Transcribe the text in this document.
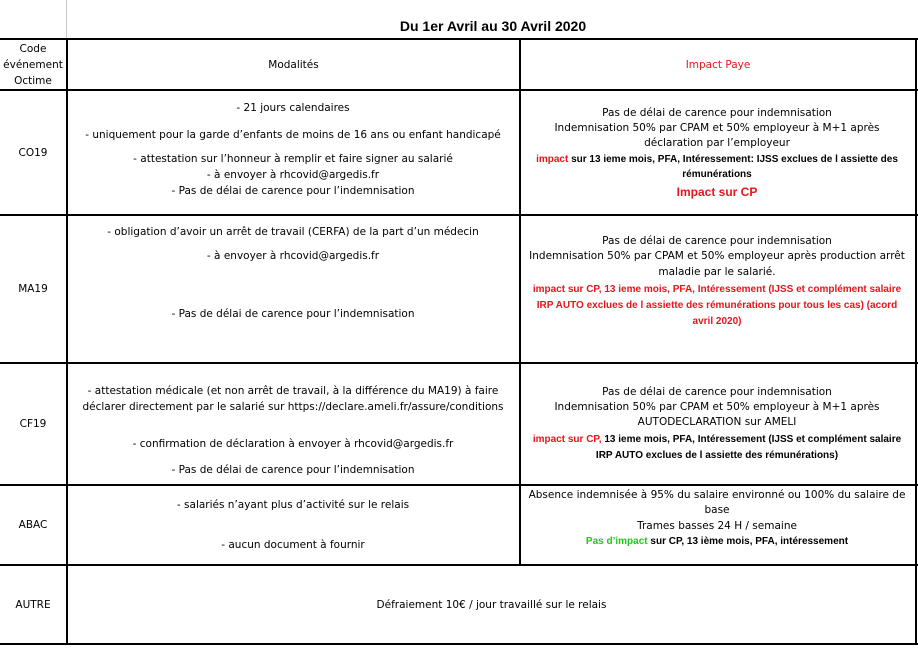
Du 1er Avril au 30 Avril 2020
Code
événement
Octime
Modalités	Impact Paye
CO19
- 21 jours calendaires
- uniquement pour la garde d’enfants de moins de 16 ans ou enfant handicapé
- attestation sur l’honneur à remplir et faire signer au salarié
- à envoyer à rhcovid@argedis.fr
- Pas de délai de carence pour l’indemnisation
Pas de délai de carence pour indemnisation
Indemnisation 50% par CPAM et 50% employeur à M+1 après
déclaration par l’employeur
impact sur 13 ieme mois, PFA, Intéressement: IJSS exclues de l assiette des
rémunérations
Impact sur CP
MA19
- obligation d’avoir un arrêt de travail (CERFA) de la part d’un médecin
- à envoyer à rhcovid@argedis.fr
- Pas de délai de carence pour l’indemnisation
Pas de délai de carence pour indemnisation
Indemnisation 50% par CPAM et 50% employeur après production arrêt
maladie par le salarié.
impact sur CP, 13 ieme mois, PFA, Intéressement (IJSS et complément salaire
IRP AUTO exclues de l assiette des rémunérations pour tous les cas) (acord
avril 2020)
CF19
- attestation médicale (et non arrêt de travail, à la différence du MA19) à faire
déclarer directement par le salarié sur https://declare.ameli.fr/assure/conditions
- confirmation de déclaration à envoyer à rhcovid@argedis.fr
- Pas de délai de carence pour l’indemnisation
Pas de délai de carence pour indemnisation
Indemnisation 50% par CPAM et 50% employeur à M+1 après
AUTODECLARATION sur AMELI
impact sur CP, 13 ieme mois, PFA, Intéressement (IJSS et complément salaire
IRP AUTO exclues de l assiette des rémunérations)
ABAC
- salariés n’ayant plus d’activité sur le relais
- aucun document à fournir
Absence indemnisée à 95% du salaire environné ou 100% du salaire de
base
Trames basses 24 H / semaine
Pas d’impact sur CP, 13 ième mois, PFA, intéressement
AUTRE	Défraiement 10€ / jour travaillé sur le relais
